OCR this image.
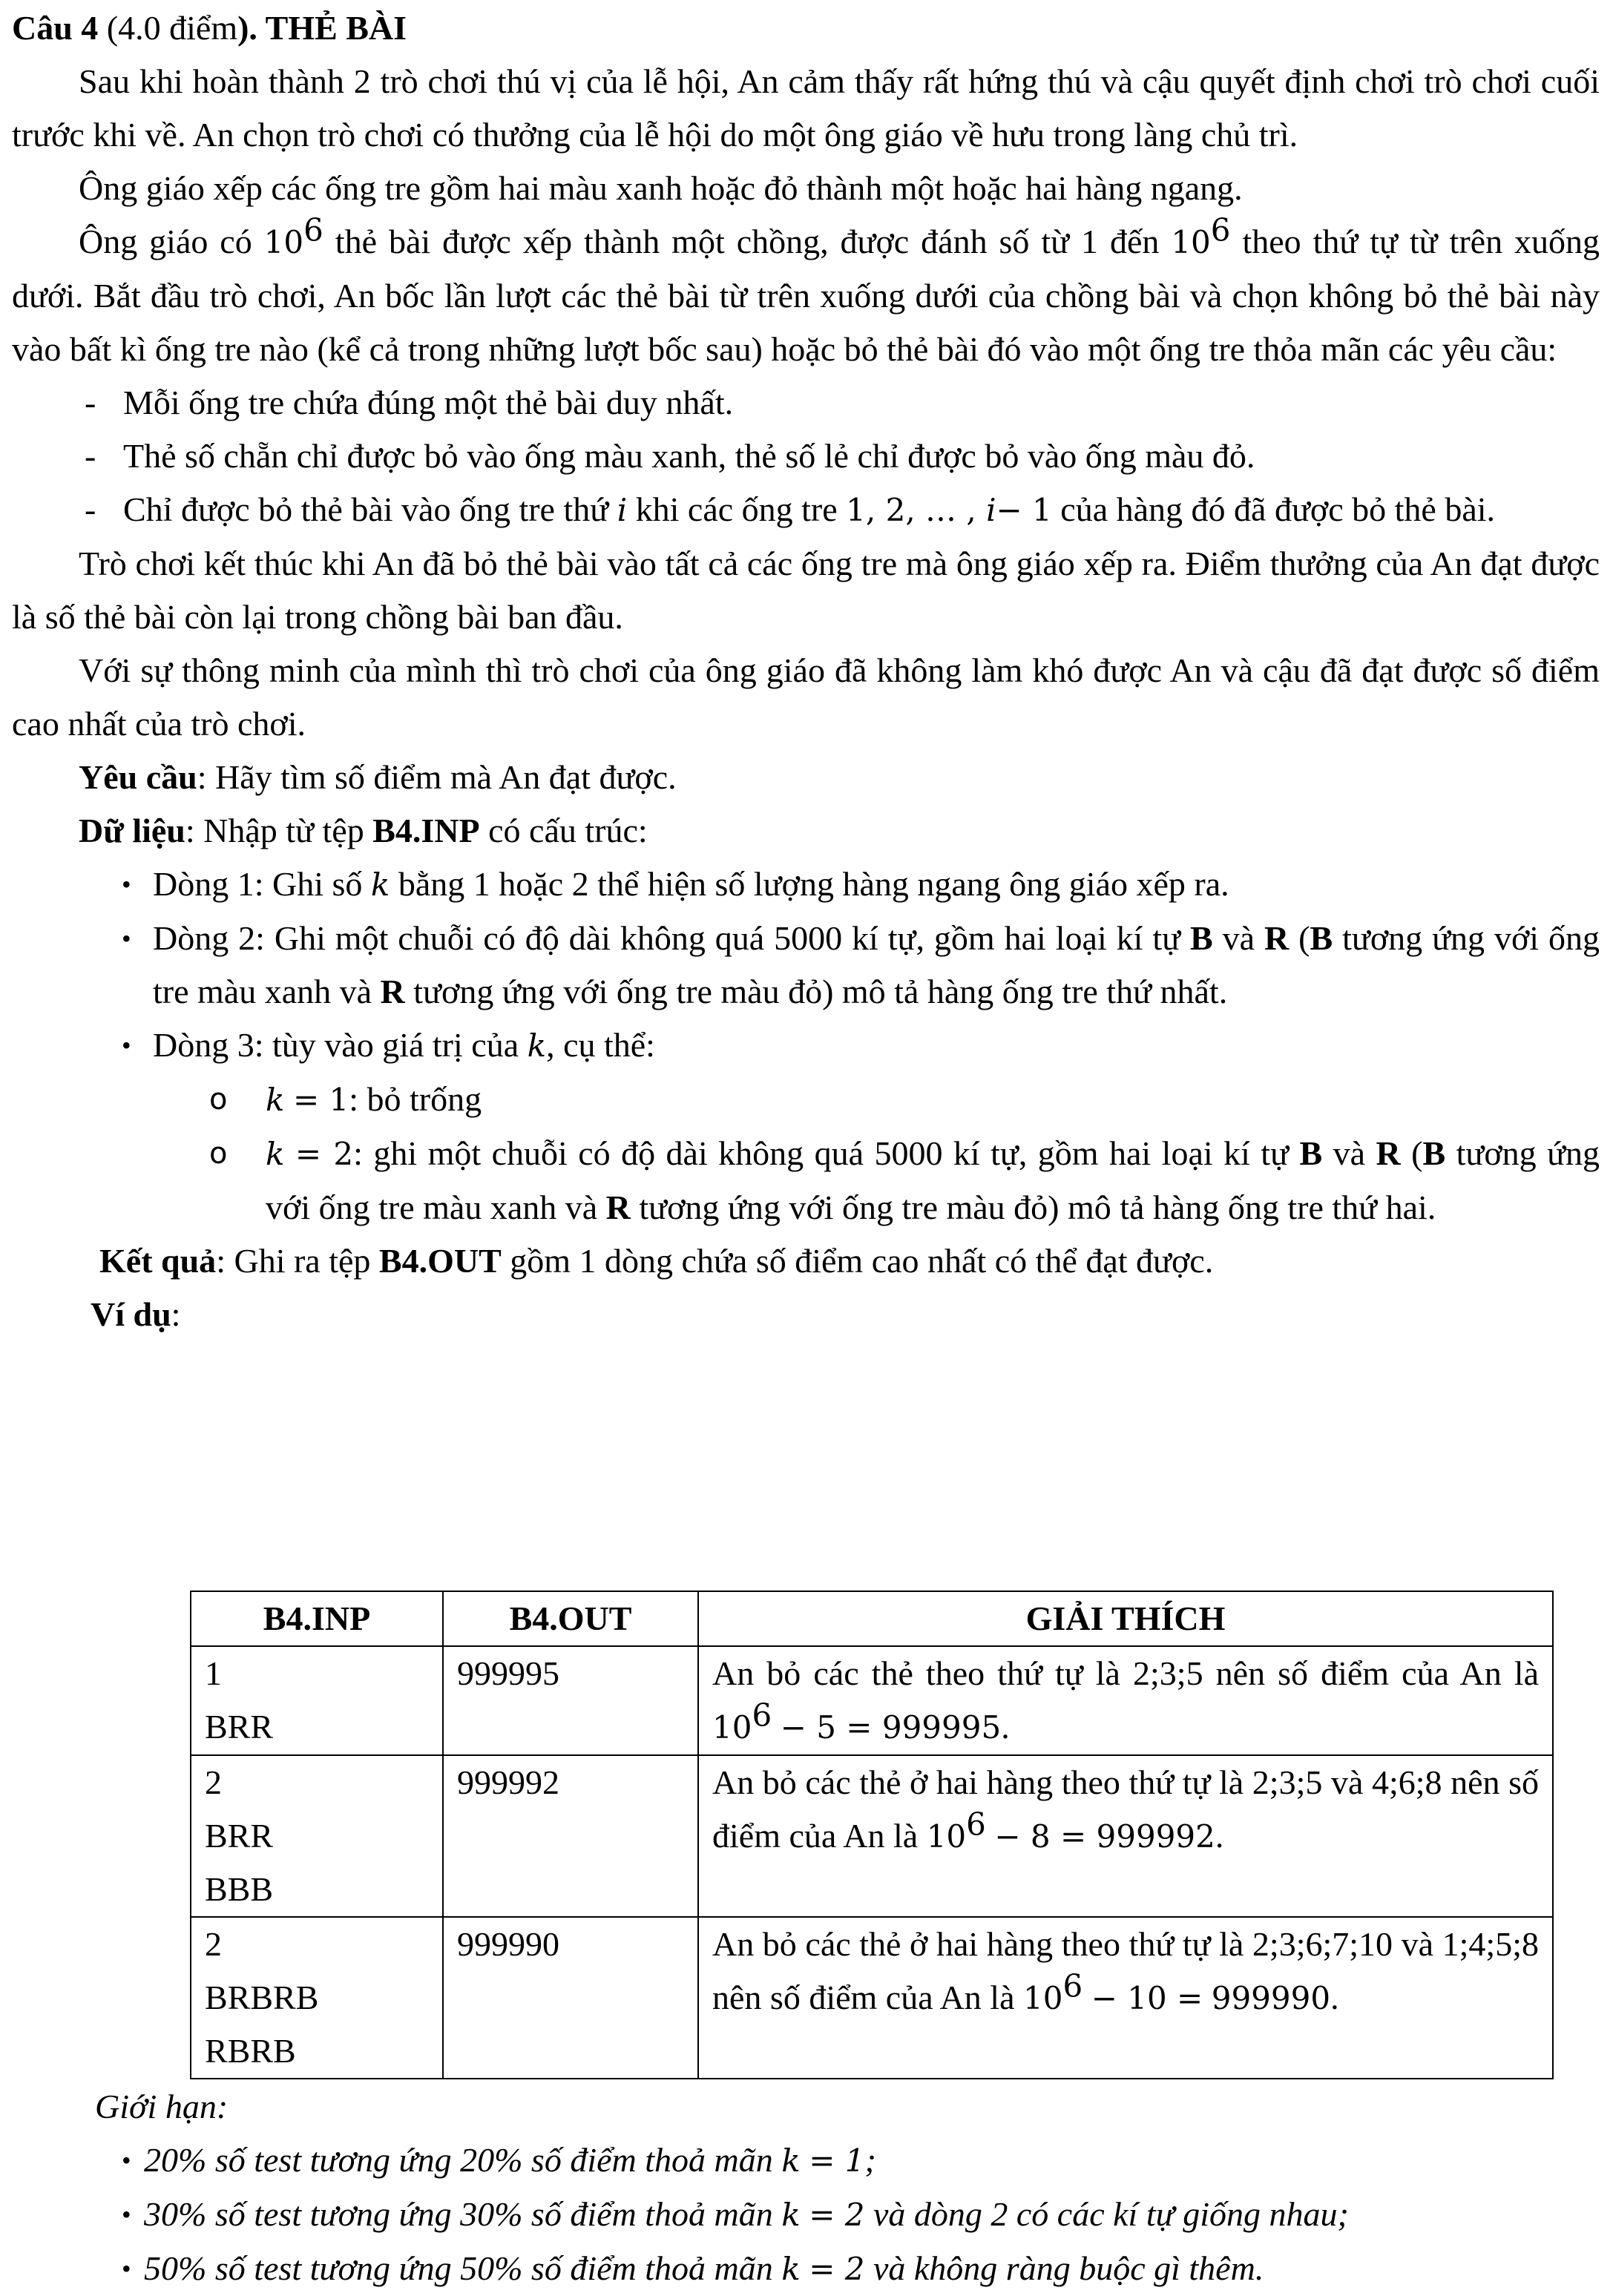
Câu 4 (4.0 điểm). THẺ BÀI

Sau khi hoàn thành 2 trò chơi thú vị của lễ hội, An cảm thấy rất hứng thú và cậu quyết định chơi trò chơi cuối trước khi về. An chọn trò chơi có thưởng của lễ hội do một ông giáo về hưu trong làng chủ trì.

Ông giáo xếp các ống tre gồm hai màu xanh hoặc đỏ thành một hoặc hai hàng ngang.

Ông giáo có $10^6$ thẻ bài được xếp thành một chồng, được đánh số từ 1 đến $10^6$ theo thứ tự từ trên xuống dưới. Bắt đầu trò chơi, An bốc lần lượt các thẻ bài từ trên xuống dưới của chồng bài và chọn không bỏ thẻ bài này vào bất kì ống tre nào (kể cả trong những lượt bốc sau) hoặc bỏ thẻ bài đó vào một ống tre thỏa mãn các yêu cầu:

- Mỗi ống tre chứa đúng một thẻ bài duy nhất.

- Thẻ số chẵn chỉ được bỏ vào ống màu xanh, thẻ số lẻ chỉ được bỏ vào ống màu đỏ.

- Chỉ được bỏ thẻ bài vào ống tre thứ i khi các ống tre 1, 2, … , i− 1 của hàng đó đã được bỏ thẻ bài.

Trò chơi kết thúc khi An đã bỏ thẻ bài vào tất cả các ống tre mà ông giáo xếp ra. Điểm thưởng của An đạt được là số thẻ bài còn lại trong chồng bài ban đầu.

Với sự thông minh của mình thì trò chơi của ông giáo đã không làm khó được An và cậu đã đạt được số điểm cao nhất của trò chơi.

Yêu cầu: Hãy tìm số điểm mà An đạt được.

Dữ liệu: Nhập từ tệp B4.INP có cấu trúc:

• Dòng 1: Ghi số k bằng 1 hoặc 2 thể hiện số lượng hàng ngang ông giáo xếp ra.

• Dòng 2: Ghi một chuỗi có độ dài không quá 5000 kí tự, gồm hai loại kí tự B và R (B tương ứng với ống tre màu xanh và R tương ứng với ống tre màu đỏ) mô tả hàng ống tre thứ nhất.

• Dòng 3: tùy vào giá trị của k, cụ thể:

o k = 1: bỏ trống

o k = 2: ghi một chuỗi có độ dài không quá 5000 kí tự, gồm hai loại kí tự B và R (B tương ứng với ống tre màu xanh và R tương ứng với ống tre màu đỏ) mô tả hàng ống tre thứ hai.

Kết quả: Ghi ra tệp B4.OUT gồm 1 dòng chứa số điểm cao nhất có thể đạt được.

Ví dụ:

B4.INP	B4.OUT	GIẢI THÍCH

1
BRR	999995	An bỏ các thẻ theo thứ tự là 2;3;5 nên số điểm của An là $10^6 - 5 = 999995$.

2
BRR
BBB	999992	An bỏ các thẻ ở hai hàng theo thứ tự là 2;3;5 và 4;6;8 nên số điểm của An là $10^6 - 8 = 999992$.

2
BRBRB
RBRB	999990	An bỏ các thẻ ở hai hàng theo thứ tự là 2;3;6;7;10 và 1;4;5;8 nên số điểm của An là $10^6 - 10 = 999990$.

Giới hạn:

• 20% số test tương ứng 20% số điểm thoả mãn k = 1;

• 30% số test tương ứng 30% số điểm thoả mãn k = 2 và dòng 2 có các kí tự giống nhau;

• 50% số test tương ứng 50% số điểm thoả mãn k = 2 và không ràng buộc gì thêm.
